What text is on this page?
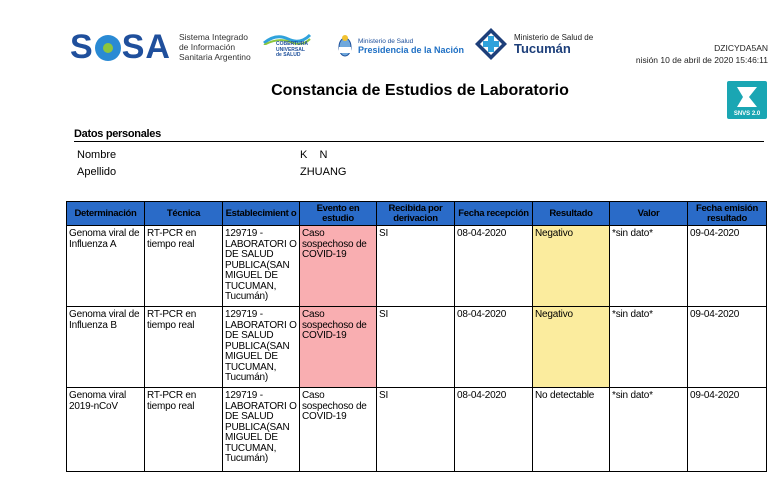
S S A Sistema Integrado
de Información
Sanitaria Argentino
COBERTURA
UNIVERSAL
de SALUD
Ministerio de Salud
Presidencia de la Nación
Ministerio de Salud de
Tucumán	DZICYDA5AN
nisión 10 de abril de 2020 15:46:11
Constancia de Estudios de Laboratorio
SNVS 2.0
Datos personales
Nombre	K    N
Apellido	ZHUANG
Determinación	Técnica	Establecimient o	Evento en estudio	Recibida por derivacion	Fecha recepción	Resultado	Valor	Fecha emisión resultado
Genoma viral de Influenza A	RT-PCR en tiempo real	129719 - LABORATORI O DE SALUD PUBLICA(SAN MIGUEL DE TUCUMAN, Tucumán)	Caso sospechoso de COVID-19	SI	08-04-2020	Negativo	*sin dato*	09-04-2020
Genoma viral de Influenza B	RT-PCR en tiempo real	129719 - LABORATORI O DE SALUD PUBLICA(SAN MIGUEL DE TUCUMAN, Tucumán)	Caso sospechoso de COVID-19	SI	08-04-2020	Negativo	*sin dato*	09-04-2020
Genoma viral 2019-nCoV	RT-PCR en tiempo real	129719 - LABORATORI O DE SALUD PUBLICA(SAN MIGUEL DE TUCUMAN, Tucumán)	Caso sospechoso de COVID-19	SI	08-04-2020	No detectable	*sin dato*	09-04-2020
